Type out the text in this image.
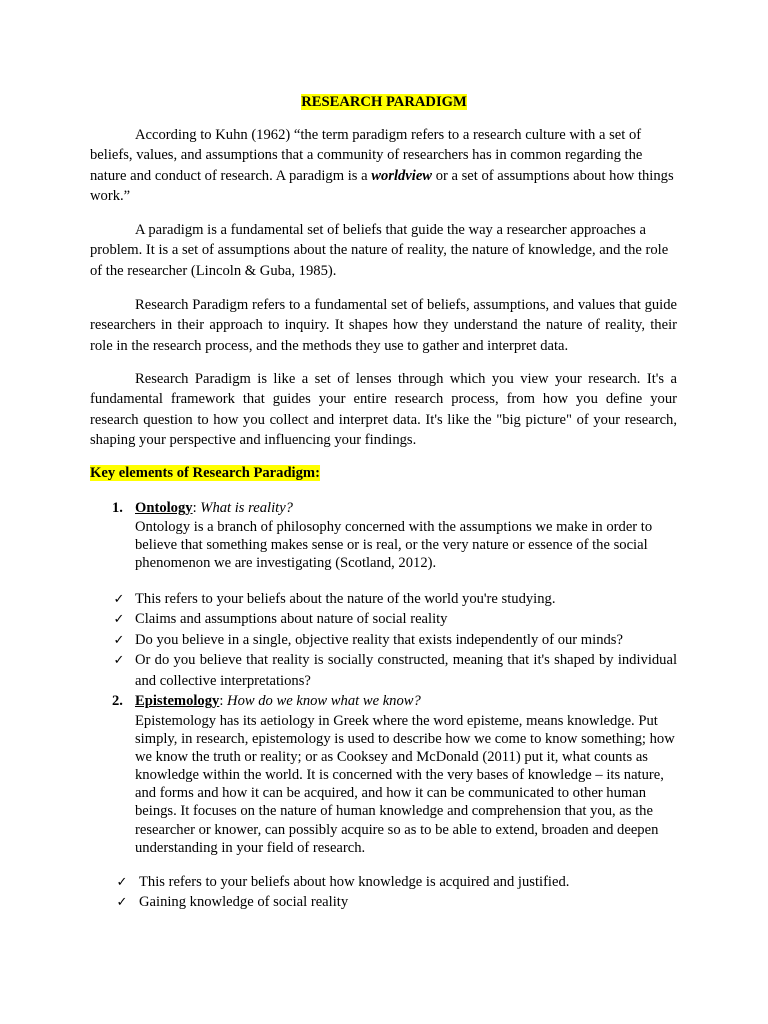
RESEARCH PARADIGM

According to Kuhn (1962) “the term paradigm refers to a research culture with a set of beliefs, values, and assumptions that a community of researchers has in common regarding the nature and conduct of research. A paradigm is a worldview or a set of assumptions about how things work.”

A paradigm is a fundamental set of beliefs that guide the way a researcher approaches a problem. It is a set of assumptions about the nature of reality, the nature of knowledge, and the role of the researcher (Lincoln & Guba, 1985).

Research Paradigm refers to a fundamental set of beliefs, assumptions, and values that guide researchers in their approach to inquiry. It shapes how they understand the nature of reality, their role in the research process, and the methods they use to gather and interpret data.

Research Paradigm is like a set of lenses through which you view your research. It's a fundamental framework that guides your entire research process, from how you define your research question to how you collect and interpret data. It's like the "big picture" of your research, shaping your perspective and influencing your findings.

Key elements of Research Paradigm:
1. Ontology: What is reality?

Ontology is a branch of philosophy concerned with the assumptions we make in order to believe that something makes sense or is real, or the very nature or essence of the social phenomenon we are investigating (Scotland, 2012).

✓ This refers to your beliefs about the nature of the world you're studying.

✓ Claims and assumptions about nature of social reality

✓ Do you believe in a single, objective reality that exists independently of our minds?

✓ Or do you believe that reality is socially constructed, meaning that it's shaped by individual and collective interpretations?

2. Epistemology: How do we know what we know?

Epistemology has its aetiology in Greek where the word episteme, means knowledge. Put simply, in research, epistemology is used to describe how we come to know something; how we know the truth or reality; or as Cooksey and McDonald (2011) put it, what counts as knowledge within the world. It is concerned with the very bases of knowledge – its nature, and forms and how it can be acquired, and how it can be communicated to other human beings. It focuses on the nature of human knowledge and comprehension that you, as the researcher or knower, can possibly acquire so as to be able to extend, broaden and deepen understanding in your field of research.

✓ This refers to your beliefs about how knowledge is acquired and justified.

✓ Gaining knowledge of social reality
